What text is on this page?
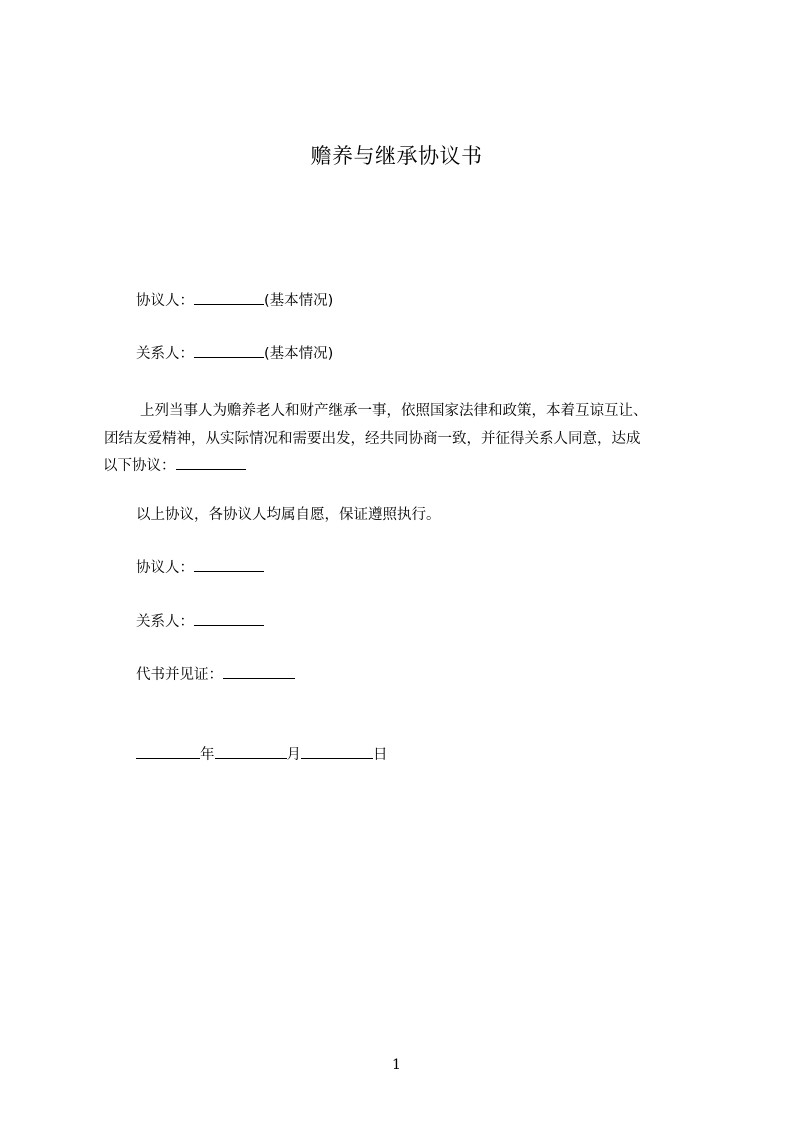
赡养与继承协议书
协议人：	(基本情况)
关系人：	(基本情况)
上列当事人为赡养老人和财产继承一事，依照国家法律和政策，本着互谅互让、
团结友爱精神，从实际情况和需要出发，经共同协商一致，并征得关系人同意，达成
以下协议：
以上协议，各协议人均属自愿，保证遵照执行。
协议人：
关系人：
代书并见证：
年	月	日
1
